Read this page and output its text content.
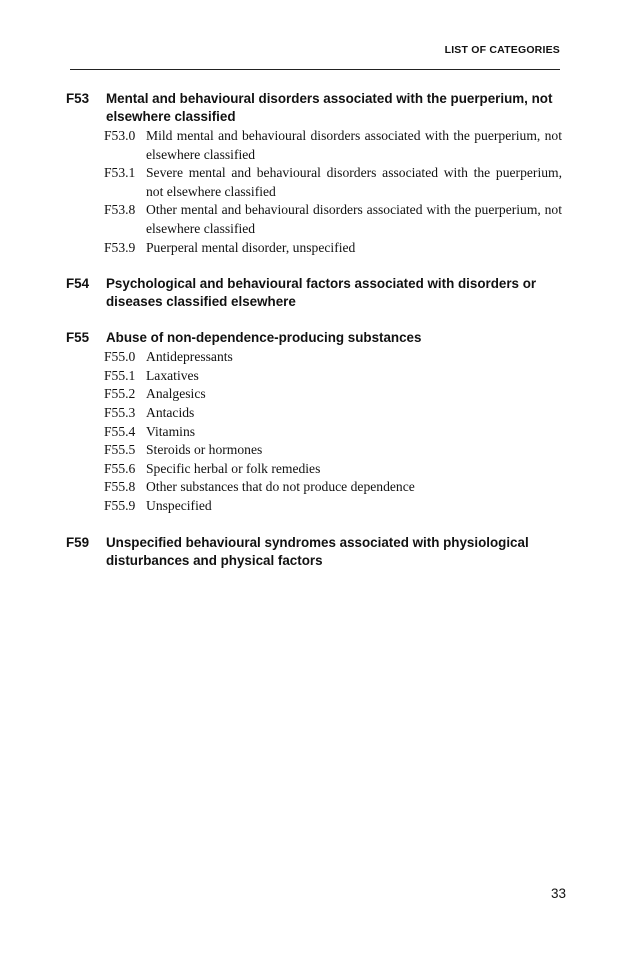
LIST OF CATEGORIES
F53	Mental and behavioural disorders associated with the puerperium, not elsewhere classified
F53.0 Mild mental and behavioural disorders associated with the puerperium, not elsewhere classified
F53.1 Severe mental and behavioural disorders associated with the puerperium, not elsewhere classified
F53.8 Other mental and behavioural disorders associated with the puerperium, not elsewhere classified
F53.9 Puerperal mental disorder, unspecified
F54	Psychological and behavioural factors associated with disorders or diseases classified elsewhere
F55	Abuse of non-dependence-producing substances
F55.0 Antidepressants
F55.1 Laxatives
F55.2 Analgesics
F55.3 Antacids
F55.4 Vitamins
F55.5 Steroids or hormones
F55.6 Specific herbal or folk remedies
F55.8 Other substances that do not produce dependence
F55.9 Unspecified
F59	Unspecified behavioural syndromes associated with physiological disturbances and physical factors
33
